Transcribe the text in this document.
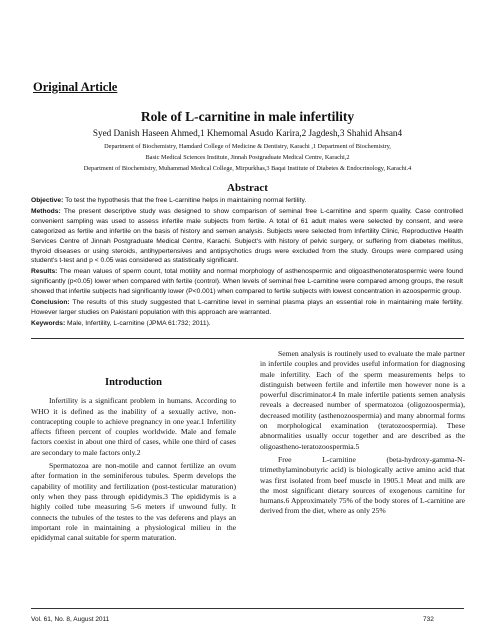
Original Article
Role of L-carnitine in male infertility
Syed Danish Haseen Ahmed,1 Khemomal Asudo Karira,2 Jagdesh,3 Shahid Ahsan4
Department of Biochemistry, Hamdard College of Medicine & Dentistry, Karachi ,1 Department of Biochemistry,
Basic Medical Sciences Institute, Jinnah Postgraduate Medical Centre, Karachi,2
Department of Biochemistry, Muhammad Medical College, Mirpurkhas,3 Baqai Institute of Diabetes & Endocrinology, Karachi.4
Abstract

Objective: To test the hypothesis that the free L-carnitine helps in maintaining normal fertility.

Methods: The present descriptive study was designed to show comparison of seminal free L-carnitine and sperm quality. Case controlled convenient sampling was used to assess infertile male subjects from fertile. A total of 61 adult males were selected by consent, and were categorized as fertile and infertile on the basis of history and semen analysis. Subjects were selected from Infertility Clinic, Reproductive Health Services Centre of Jinnah Postgraduate Medical Centre, Karachi. Subject's with history of pelvic surgery, or suffering from diabetes mellitus, thyroid diseases or using steroids, antihypertensives and antipsychotics drugs were excluded from the study. Groups were compared using student's t-test and p < 0.05 was considered as statistically significant.

Results: The mean values of sperm count, total motility and normal morphology of asthenospermic and oligoasthenoteratospermic were found significantly (p<0.05) lower when compared with fertile (control). When levels of seminal free L-carnitine were compared among groups, the result showed that infertile subjects had significantly lower (P<0.001) when compared to fertile subjects with lowest concentration in azoospermic group.

Conclusion: The results of this study suggested that L-carnitine level in seminal plasma plays an essential role in maintaining male fertility. However larger studies on Pakistani population with this approach are warranted.

Keywords: Male, Infertility, L-carnitine (JPMA 61:732; 2011).

Introduction

Infertility is a significant problem in humans. According to WHO it is defined as the inability of a sexually active, non-contracepting couple to achieve pregnancy in one year.1 Infertility affects fifteen percent of couples worldwide. Male and female factors coexist in about one third of cases, while one third of cases are secondary to male factors only.2

Spermatozoa are non-motile and cannot fertilize an ovum after formation in the seminiferous tubules. Sperm develops the capability of motility and fertilization (post-testicular maturation) only when they pass through epididymis.3 The epididymis is a highly coiled tube measuring 5-6 meters if unwound fully. It connects the tubules of the testes to the vas deferens and plays an important role in maintaining a physiological milieu in the epididymal canal suitable for sperm maturation.

Semen analysis is routinely used to evaluate the male partner in infertile couples and provides useful information for diagnosing male infertility. Each of the sperm measurements helps to distinguish between fertile and infertile men however none is a powerful discriminator.4 In male infertile patients semen analysis reveals a decreased number of spermatozoa (oligozoospermia), decreased motility (asthenozoospermia) and many abnormal forms on morphological examination (teratozoospermia). These abnormalities usually occur together and are described as the oligoastheno-teratozoospermia.5

Free L-carnitine (beta-hydroxy-gamma-N-trimethylaminobutyric acid) is biologically active amino acid that was first isolated from beef muscle in 1905.1 Meat and milk are the most significant dietary sources of exogenous carnitine for humans.6 Approximately 75% of the body stores of L-carnitine are derived from the diet, where as only 25%

Vol. 61, No. 8, August 2011	732
